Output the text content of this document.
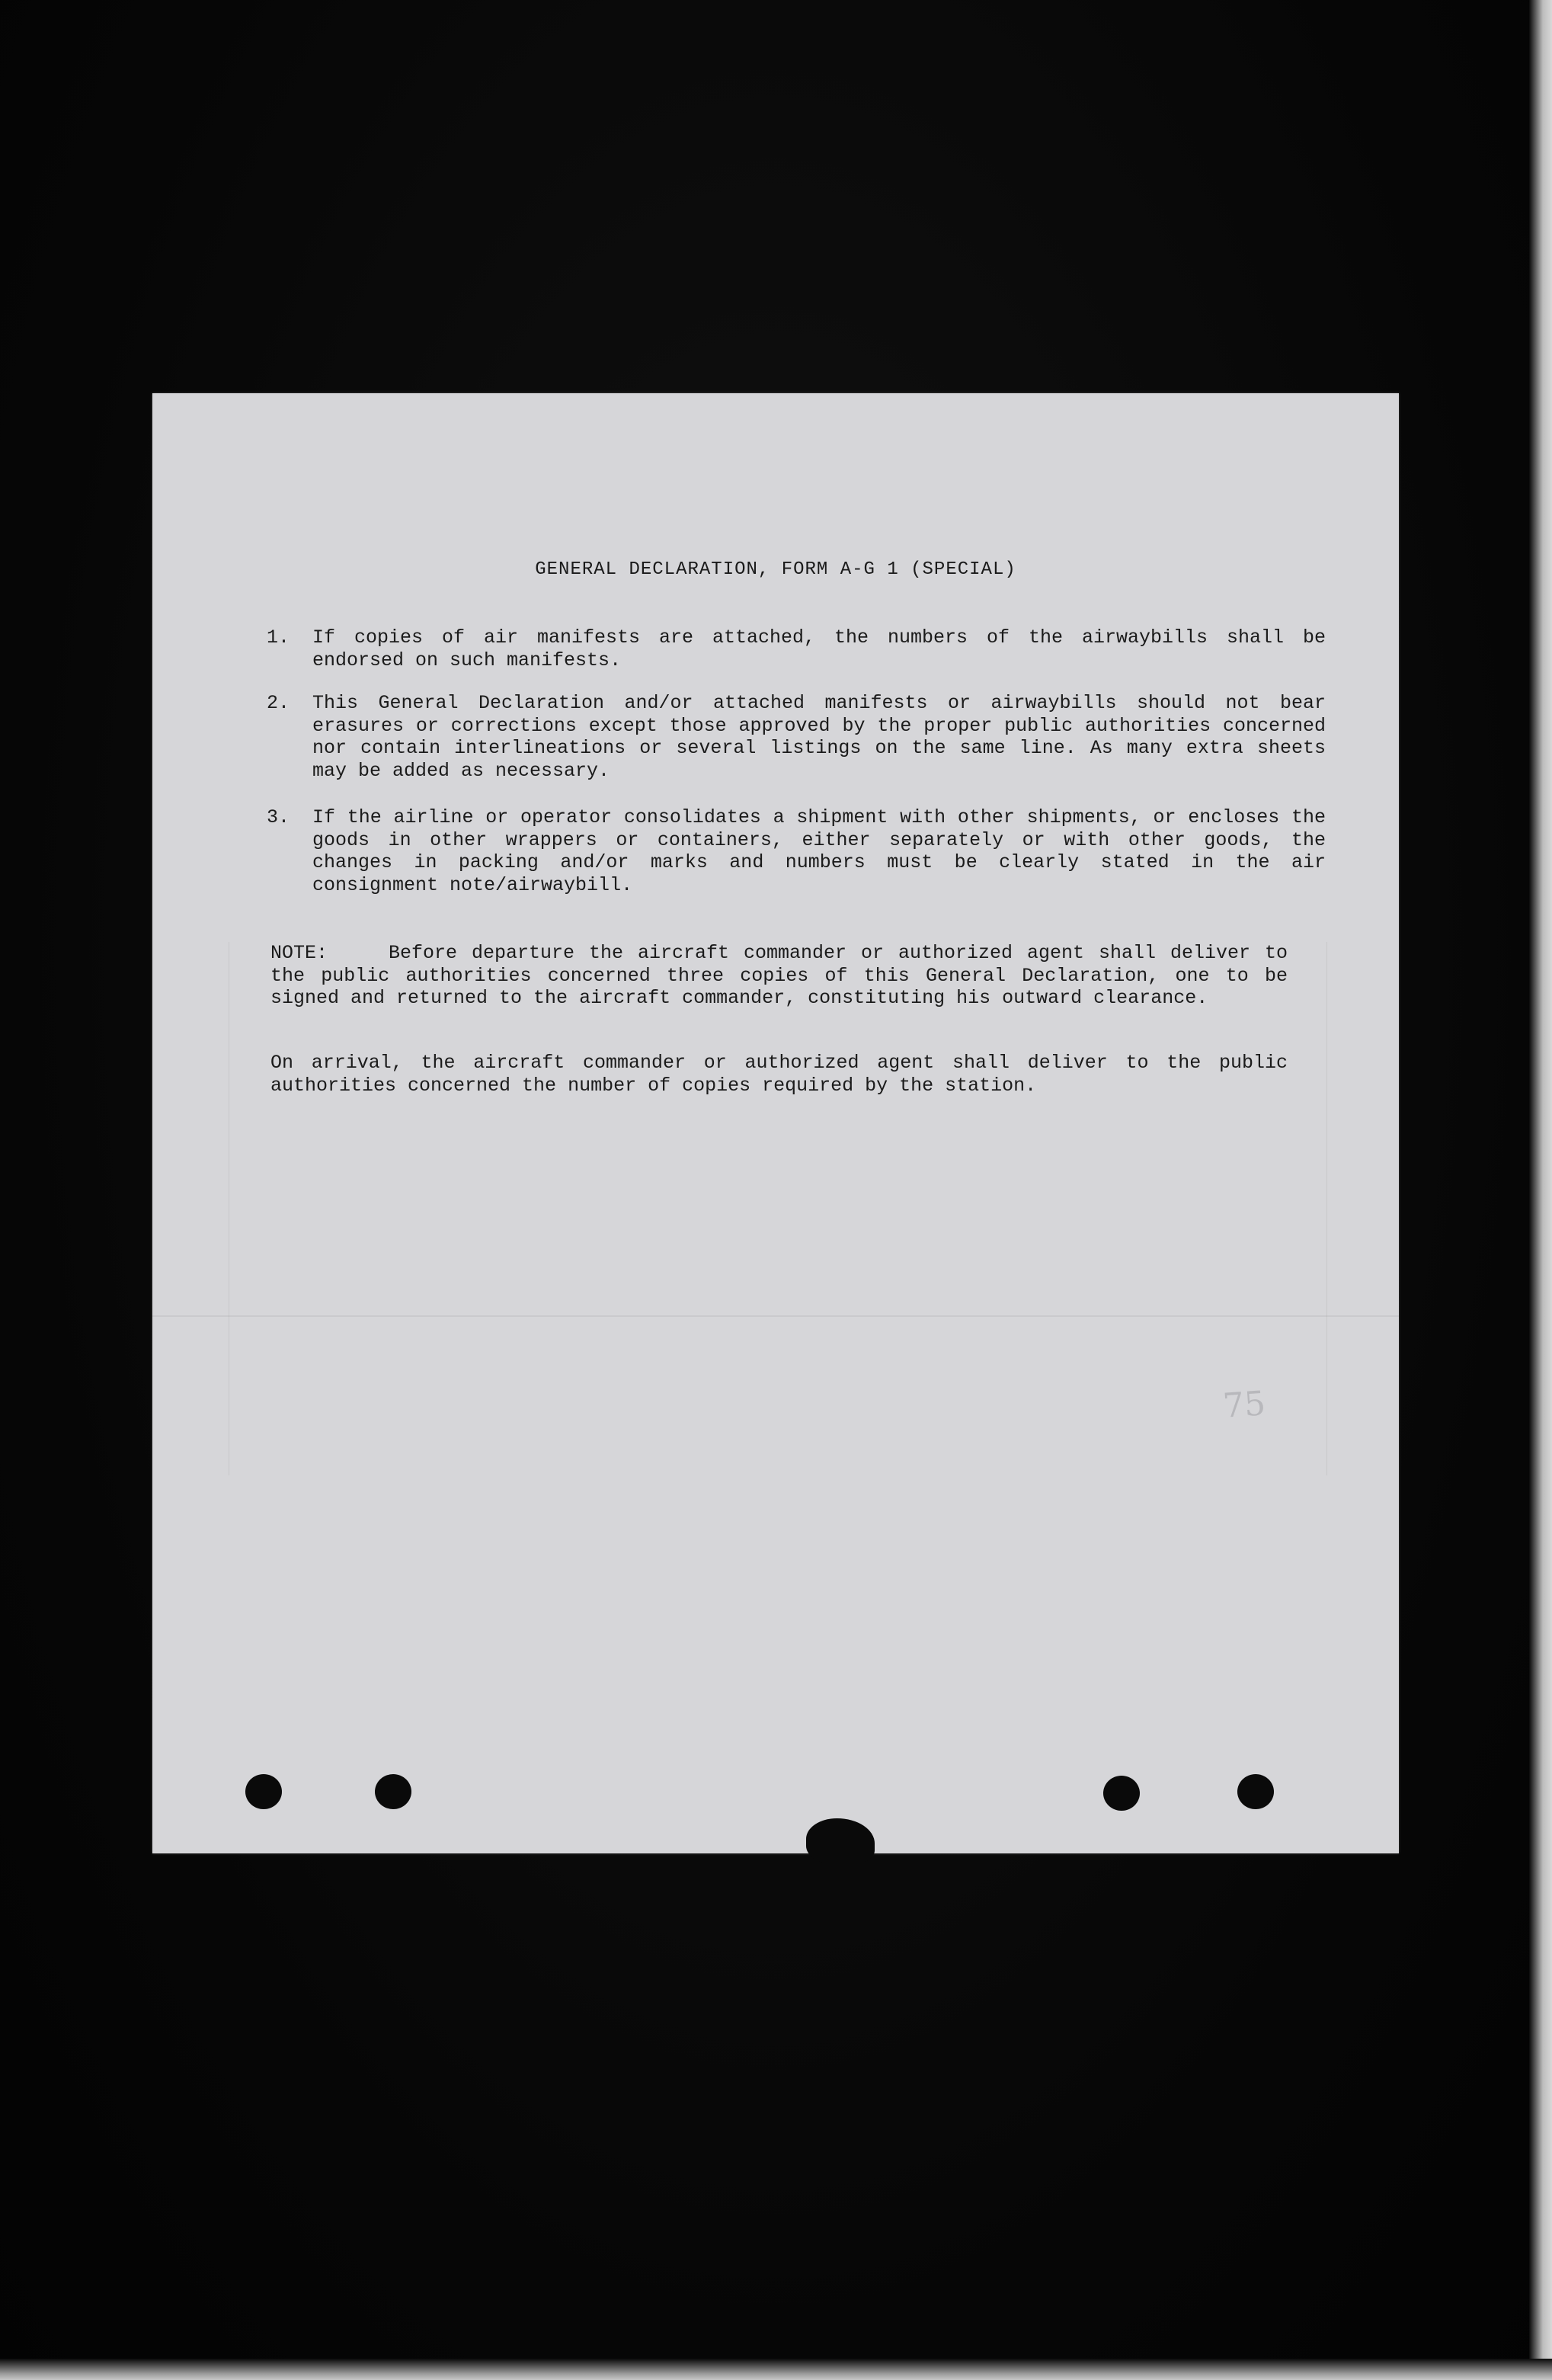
GENERAL DECLARATION, FORM A-G 1 (SPECIAL)
1. If copies of air manifests are attached, the numbers of the airwaybills shall be endorsed on such manifests.
2. This General Declaration and/or attached manifests or airwaybills should not bear erasures or corrections except those approved by the proper public authorities concerned nor contain interlineations or several listings on the same line. As many extra sheets may be added as necessary.
3. If the airline or operator consolidates a shipment with other shipments, or encloses the goods in other wrappers or containers, either separately or with other goods, the changes in packing and/or marks and numbers must be clearly stated in the air consignment note/airwaybill.
NOTE:	Before departure the aircraft commander or authorized agent shall deliver to the public authorities concerned three copies of this General Declaration, one to be signed and returned to the aircraft commander, constituting his outward clearance.
On arrival, the aircraft commander or authorized agent shall deliver to the public authorities concerned the number of copies required by the station.
75
